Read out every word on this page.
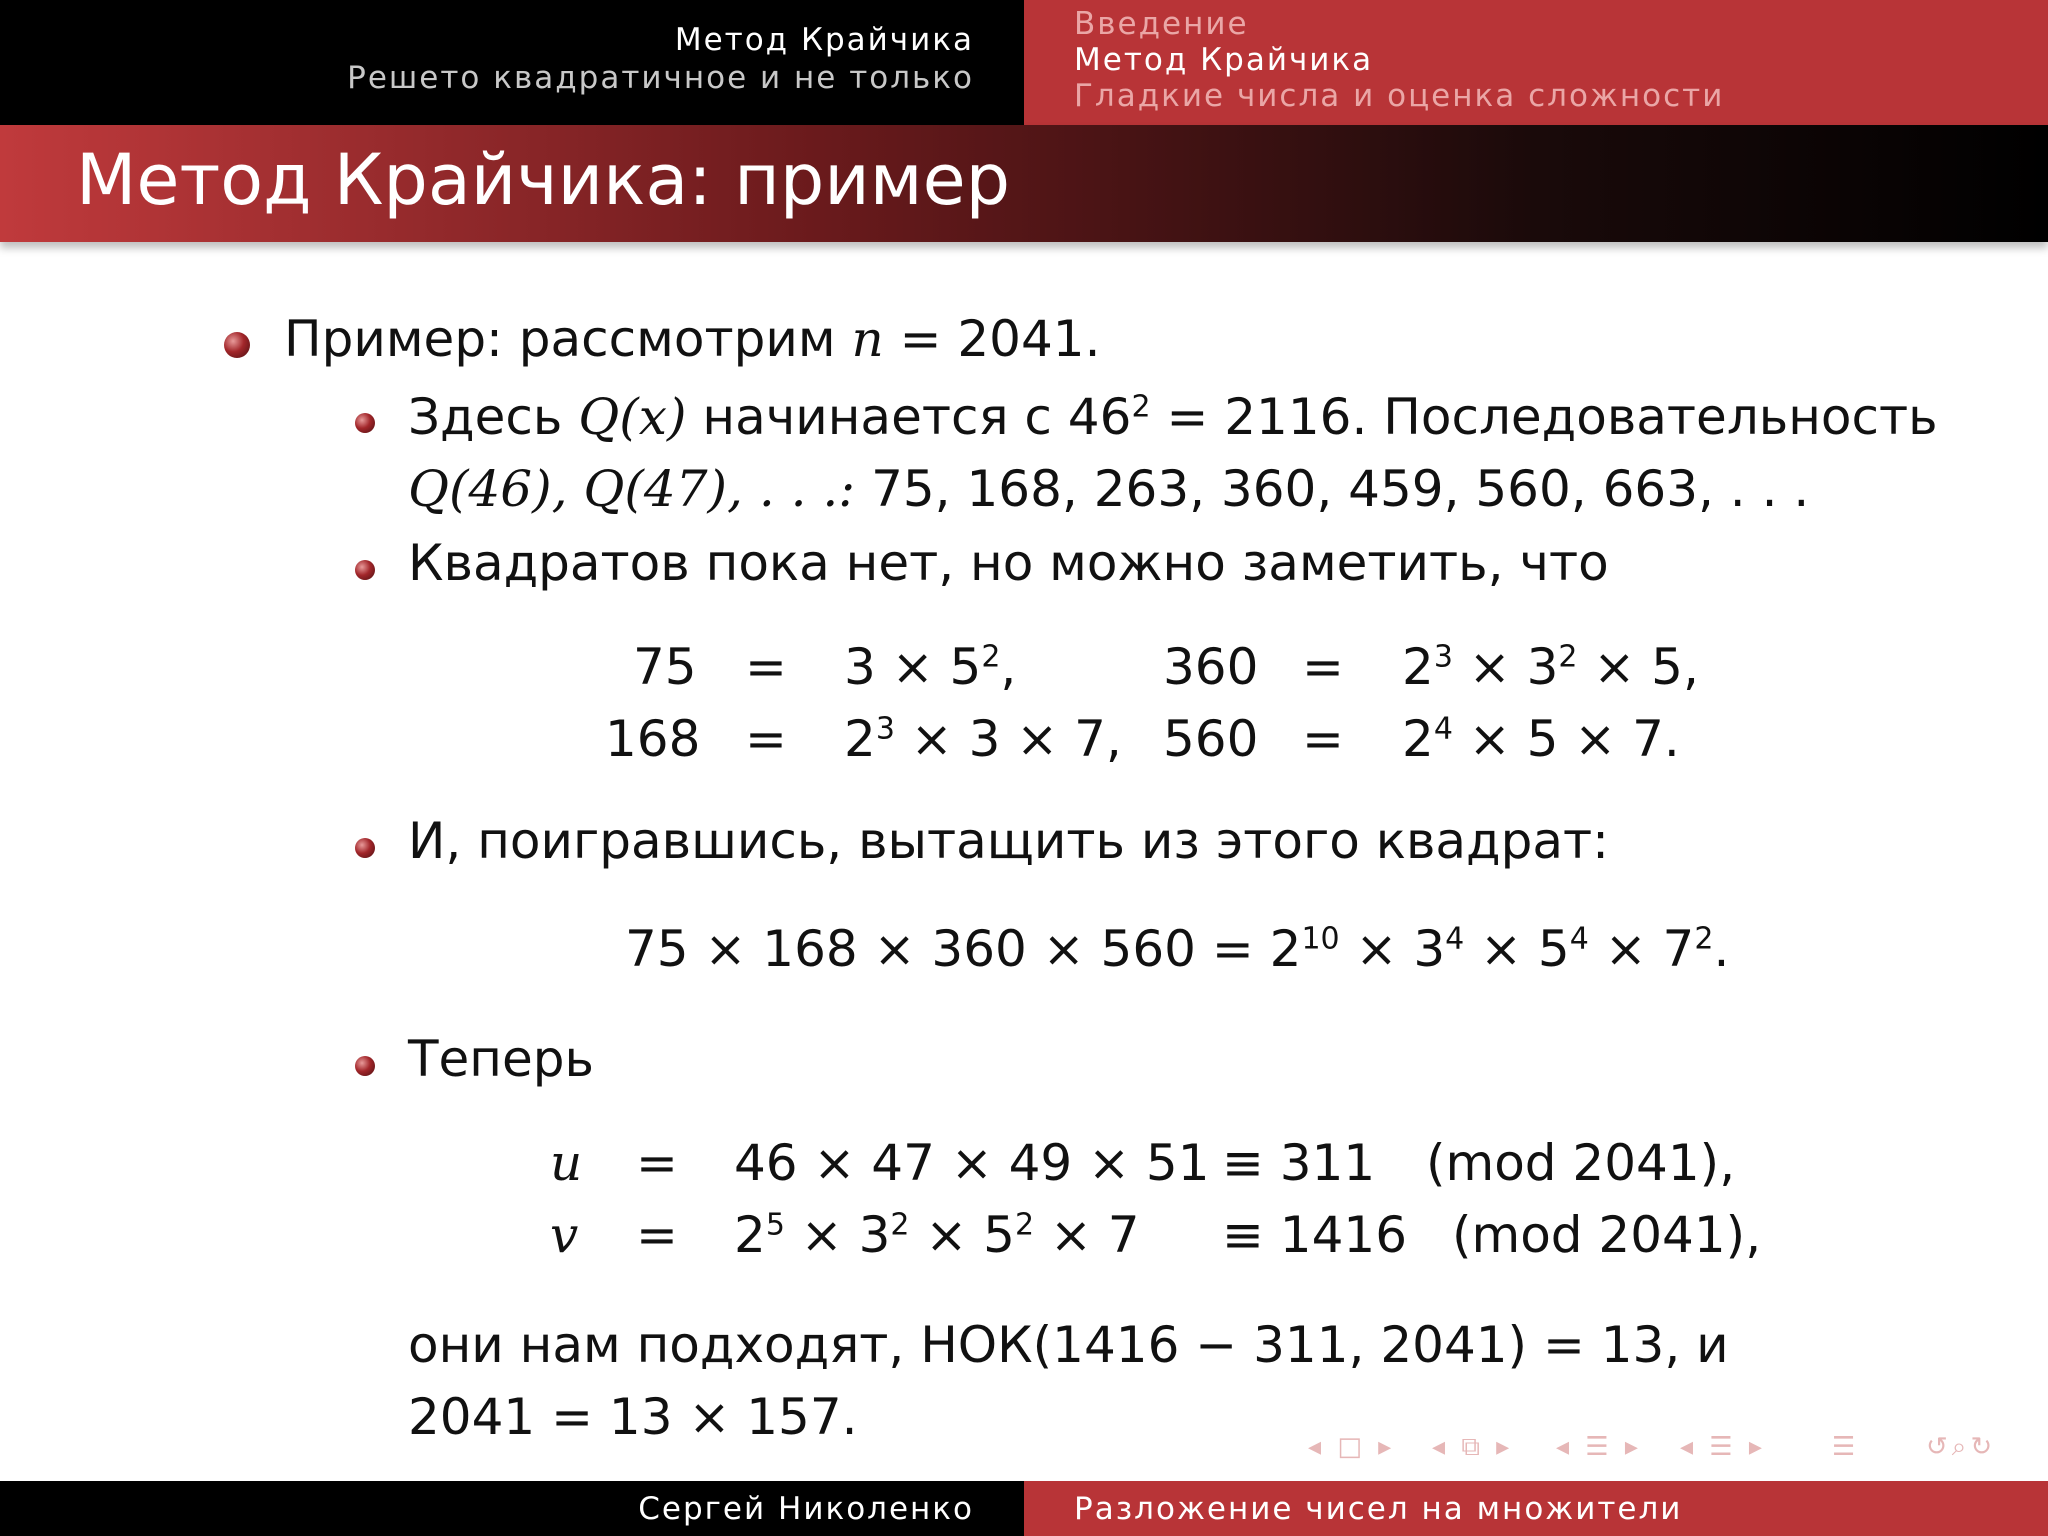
Метод Крайчика
Решето квадратичное и не только
Введение
Метод Крайчика
Гладкие числа и оценка сложности
Метод Крайчика: пример
Пример: рассмотрим n = 2041.
Здесь Q(x) начинается с $46^2 = 2116$. Последовательность
Q(46), Q(47), . . .: 75, 168, 263, 360, 459, 560, 663, . . .
Квадратов пока нет, но можно заметить, что
$75 = 3 \times 5^2$,	$360 = 2^3 \times 3^2 \times 5$,
$168 = 2^3 \times 3 \times 7$, $560 = 2^4 \times 5 \times 7$.
И, поигравшись, вытащить из этого квадрат:
$75 \times 168 \times 360 \times 560 = 2^{10} \times 3^4 \times 5^4 \times 7^2$.
Теперь
u = 46 × 47 × 49 × 51 ≡ 311 (mod 2041),
$v = 2^5 \times 3^2 \times 5^2 \times 7 \equiv 1416$ (mod 2041),
они нам подходят, НОК(1416 − 311, 2041) = 13, и
2041 = 13 × 157.
◂ □ ▸ ◂ ⧉ ▸ ◂ ☰ ▸ ◂ ☰ ▸	☰	↺⌕↻
Сергей Николенко	Разложение чисел на множители
